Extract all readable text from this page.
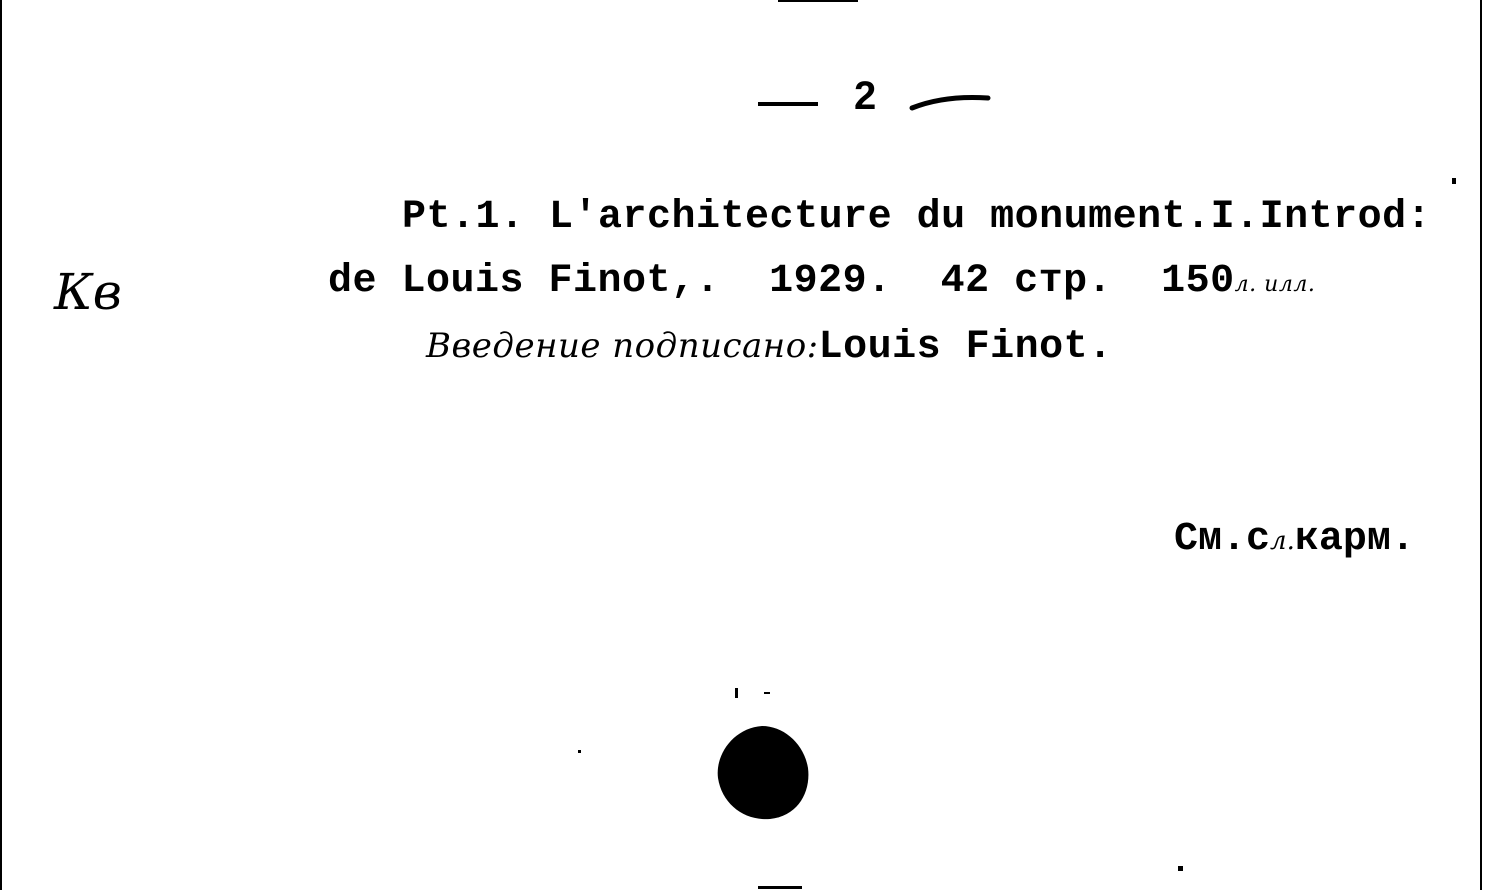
2
Кв
Pt.1. L'architecture du monument.I.Introd:
de Louis Finot,.  1929.  42 стр.  150л. илл.
Введение подписано:Louis Finot.
См.сл.карм.
